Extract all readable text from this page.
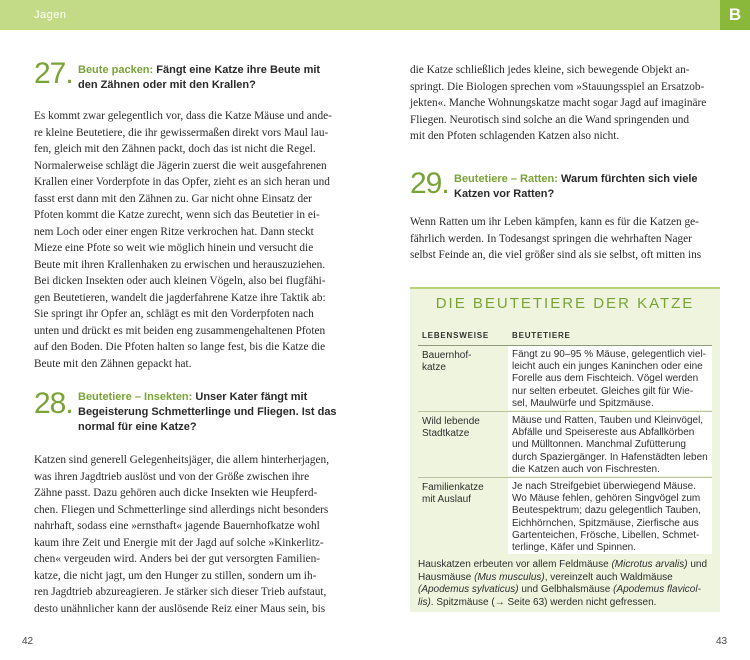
Jagen
27. Beute packen: Fängt eine Katze ihre Beute mit den Zähnen oder mit den Krallen?

Es kommt zwar gelegentlich vor, dass die Katze Mäuse und ande-

re kleine Beutetiere, die ihr gewissermaßen direkt vors Maul lau-

fen, gleich mit den Zähnen packt, doch das ist nicht die Regel.

Normalerweise schlägt die Jägerin zuerst die weit ausgefahrenen

Krallen einer Vorderpfote in das Opfer, zieht es an sich heran und

fasst erst dann mit den Zähnen zu. Gar nicht ohne Einsatz der

Pfoten kommt die Katze zurecht, wenn sich das Beutetier in ei-

nem Loch oder einer engen Ritze verkrochen hat. Dann steckt

Mieze eine Pfote so weit wie möglich hinein und versucht die

Beute mit ihren Krallenhaken zu erwischen und herauszuziehen.

Bei dicken Insekten oder auch kleinen Vögeln, also bei flugfähi-

gen Beutetieren, wandelt die jagderfahrene Katze ihre Taktik ab:

Sie springt ihr Opfer an, schlägt es mit den Vorderpfoten nach

unten und drückt es mit beiden eng zusammengehaltenen Pfoten

auf den Boden. Die Pfoten halten so lange fest, bis die Katze die

Beute mit den Zähnen gepackt hat.

28. Beutetiere – Insekten: Unser Kater fängt mit Begeisterung Schmetterlinge und Fliegen. Ist das normal für eine Katze?

Katzen sind generell Gelegenheitsjäger, die allem hinterherjagen,

was ihren Jagdtrieb auslöst und von der Größe zwischen ihre

Zähne passt. Dazu gehören auch dicke Insekten wie Heupferd-

chen. Fliegen und Schmetterlinge sind allerdings nicht besonders

nahrhaft, sodass eine »ernsthaft« jagende Bauernhofkatze wohl

kaum ihre Zeit und Energie mit der Jagd auf solche »Kinkerlitz-

chen« vergeuden wird. Anders bei der gut versorgten Familien-

katze, die nicht jagt, um den Hunger zu stillen, sondern um ih-

ren Jagdtrieb abzureagieren. Je stärker sich dieser Trieb aufstaut,

desto unähnlicher kann der auslösende Reiz einer Maus sein, bis

42
B

die Katze schließlich jedes kleine, sich bewegende Objekt an-

springt. Die Biologen sprechen vom »Stauungsspiel an Ersatzob-

jekten«. Manche Wohnungskatze macht sogar Jagd auf imaginäre

Fliegen. Neurotisch sind solche an die Wand springenden und

mit den Pfoten schlagenden Katzen also nicht.

29. Beutetiere – Ratten: Warum fürchten sich viele Katzen vor Ratten?

Wenn Ratten um ihr Leben kämpfen, kann es für die Katzen ge-

fährlich werden. In Todesangst springen die wehrhaften Nager

selbst Feinde an, die viel größer sind als sie selbst, oft mitten ins

43
DIE BEUTETIERE DER KATZE
LEBENSWEISE	BEUTETIERE
Bauernhof-
katze
Fängt zu 90–95 % Mäuse, gelegentlich viel-
leicht auch ein junges Kaninchen oder eine
Forelle aus dem Fischteich. Vögel werden
nur selten erbeutet. Gleiches gilt für Wie-
sel, Maulwürfe und Spitzmäuse.
Wild lebende
Stadtkatze
Mäuse und Ratten, Tauben und Kleinvögel,
Abfälle und Speisereste aus Abfallkörben
und Mülltonnen. Manchmal Zufütterung
durch Spaziergänger. In Hafenstädten leben
die Katzen auch von Fischresten.
Familienkatze
mit Auslauf
Je nach Streifgebiet überwiegend Mäuse.
Wo Mäuse fehlen, gehören Singvögel zum
Beutespektrum; dazu gelegentlich Tauben,
Eichhörnchen, Spitzmäuse, Zierfische aus
Gartenteichen, Frösche, Libellen, Schmet-
terlinge, Käfer und Spinnen.
Hauskatzen erbeuten vor allem Feldmäuse (Microtus arvalis) und Hausmäuse (Mus musculus), vereinzelt auch Waldmäuse (Apodemus sylvaticus) und Gelbhalsmäuse (Apodemus flavicol-lis). Spitzmäuse (→ Seite 63) werden nicht gefressen.
